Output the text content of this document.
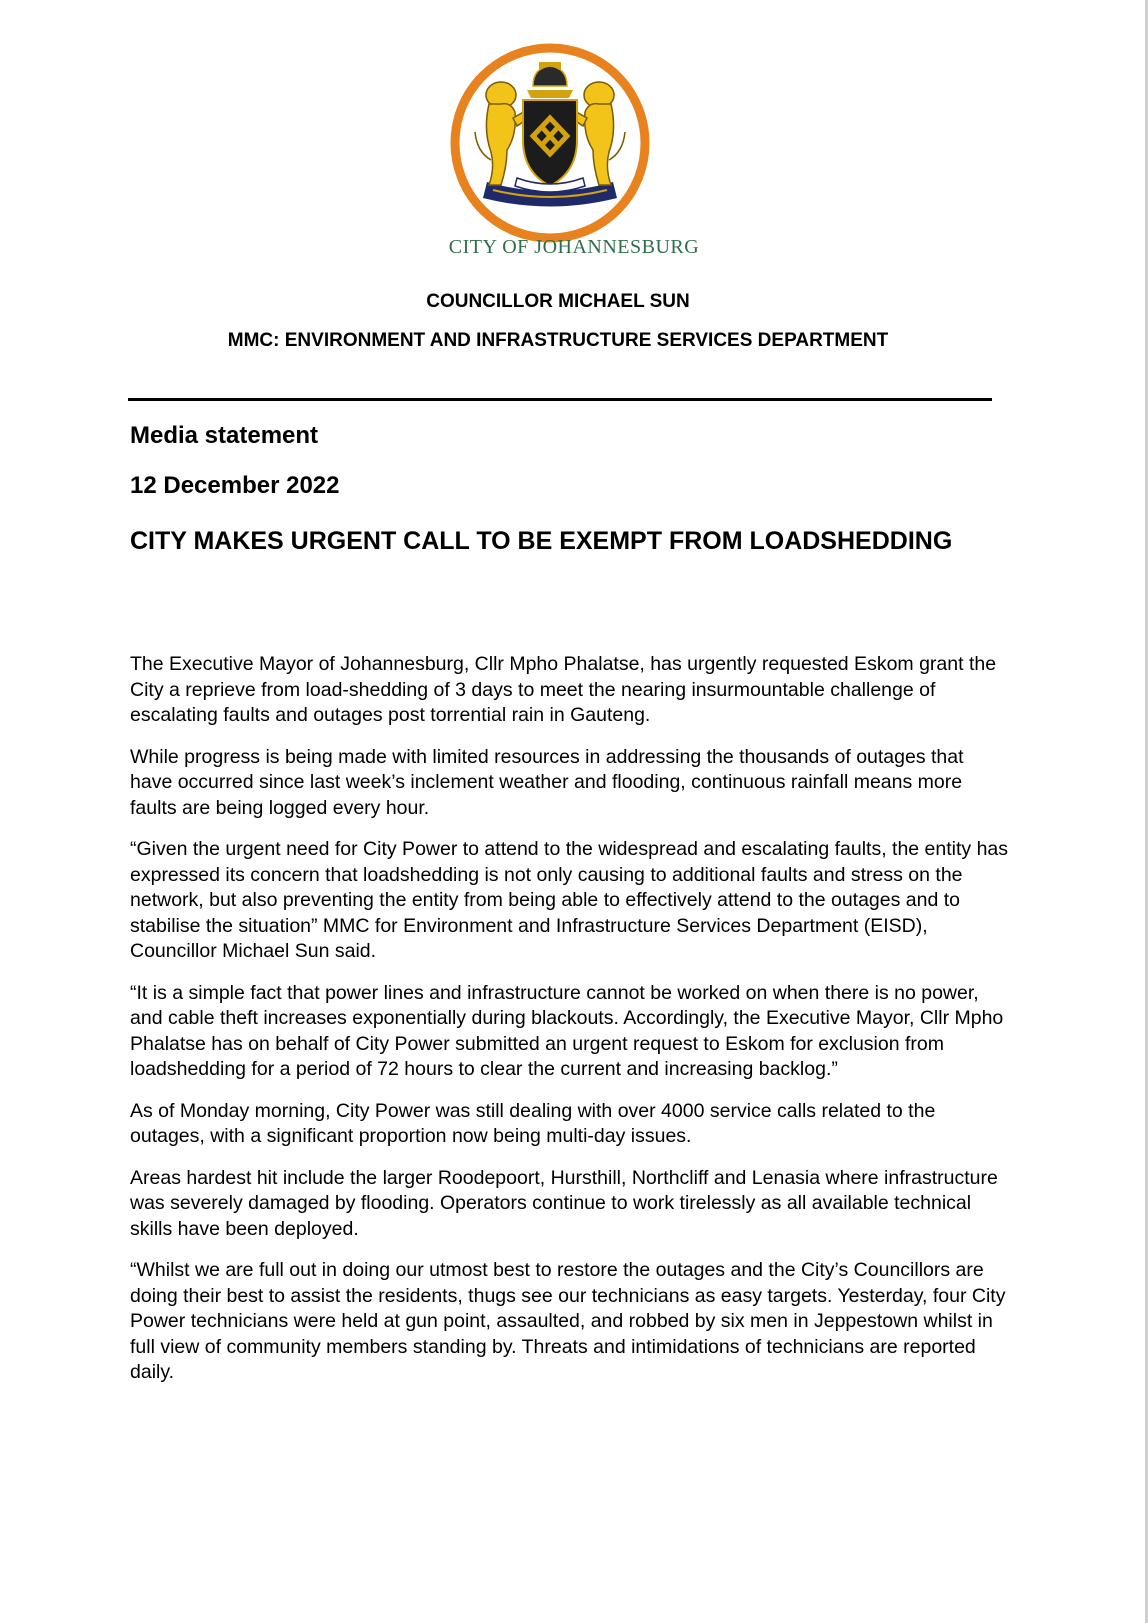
CITY OF JOHANNESBURG
COUNCILLOR MICHAEL SUN
MMC: ENVIRONMENT AND INFRASTRUCTURE SERVICES DEPARTMENT
Media statement
12 December 2022
CITY MAKES URGENT CALL TO BE EXEMPT FROM LOADSHEDDING

The Executive Mayor of Johannesburg, Cllr Mpho Phalatse, has urgently requested Eskom grant the City a reprieve from load-shedding of 3 days to meet the nearing insurmountable challenge of escalating faults and outages post torrential rain in Gauteng.

While progress is being made with limited resources in addressing the thousands of outages that have occurred since last week’s inclement weather and flooding, continuous rainfall means more faults are being logged every hour.

“Given the urgent need for City Power to attend to the widespread and escalating faults, the entity has expressed its concern that loadshedding is not only causing to additional faults and stress on the network, but also preventing the entity from being able to effectively attend to the outages and to stabilise the situation” MMC for Environment and Infrastructure Services Department (EISD), Councillor Michael Sun said.

“It is a simple fact that power lines and infrastructure cannot be worked on when there is no power, and cable theft increases exponentially during blackouts. Accordingly, the Executive Mayor, Cllr Mpho Phalatse has on behalf of City Power submitted an urgent request to Eskom for exclusion from loadshedding for a period of 72 hours to clear the current and increasing backlog.”

As of Monday morning, City Power was still dealing with over 4000 service calls related to the outages, with a significant proportion now being multi-day issues.

Areas hardest hit include the larger Roodepoort, Hursthill, Northcliff and Lenasia where infrastructure was severely damaged by flooding. Operators continue to work tirelessly as all available technical skills have been deployed.

“Whilst we are full out in doing our utmost best to restore the outages and the City’s Councillors are doing their best to assist the residents, thugs see our technicians as easy targets. Yesterday, four City Power technicians were held at gun point, assaulted, and robbed by six men in Jeppestown whilst in full view of community members standing by. Threats and intimidations of technicians are reported daily.
